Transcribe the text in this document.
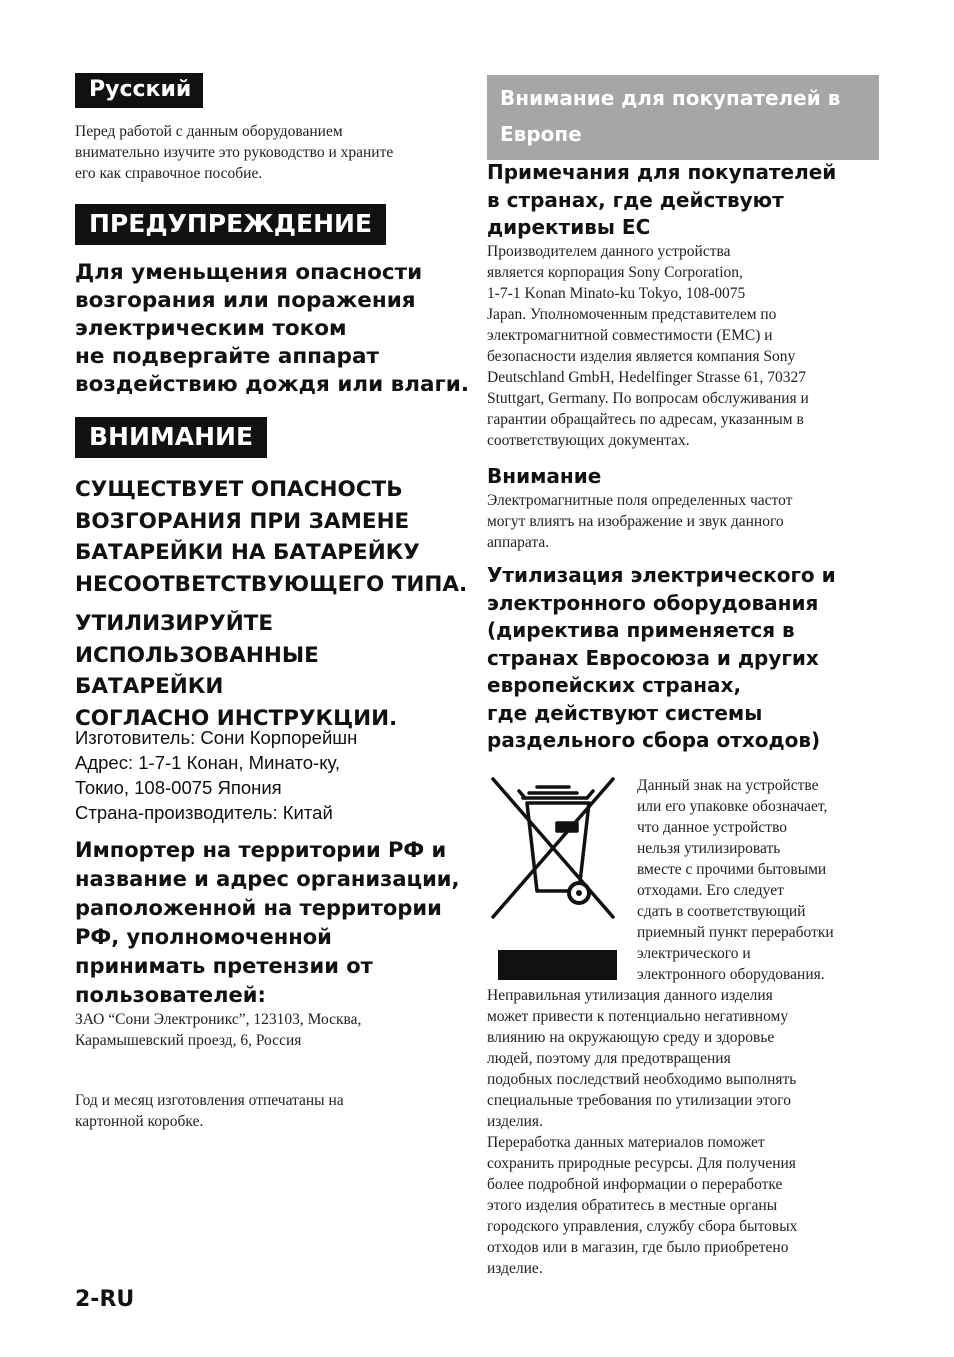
Русский

Перед работой с данным оборудованием
внимательно изучите это руководство и храните
его как справочное пособие.

ПРЕДУПРЕЖДЕНИЕ

Для уменьщения опасности
возгорания или поражения
электрическим током
не подвергайте аппарат
воздействию дождя или влаги.

ВНИМАНИЕ

СУЩЕСТВУЕТ ОПАСНОСТЬ
ВОЗГОРАНИЯ ПРИ ЗАМЕНЕ
БАТАРЕЙКИ НА БАТАРЕЙКУ
НЕСООТВЕТСТВУЮЩЕГО ТИПА.

УТИЛИЗИРУЙТЕ
ИСПОЛЬЗОВАННЫЕ БАТАРЕЙКИ
СОГЛАСНО ИНСТРУКЦИИ.

Изготовитель: Сони Корпорейшн
Адрес: 1-7-1 Конан, Минато-ку,
Токио, 108-0075 Япония
Страна-производитель: Китай

Импортер на территории РФ и
название и адрес организации,
раположенной на территории
РФ, уполномоченной
принимать претензии от
пользователей:

ЗАО “Сони Электроникс”, 123103, Москва,
Карамышевский проезд, 6, Россия

Год и месяц изготовления отпечатаны на
картонной коробке.

2-RU
Внимание для покупателей в
Европе

Примечания для покупателей
в странах, где действуют
директивы ЕС

Производителем данного устройства
является корпорация Sony Corporation,
1-7-1 Konan Minato-ku Tokyo, 108-0075
Japan. Уполномоченным представителем по
электромагнитной совместимости (EMC) и
безопасности изделия является компания Sony
Deutschland GmbH, Hedelfinger Strasse 61, 70327
Stuttgart, Germany. По вопросам обслуживания и
гарантии обращайтесь по адресам, указанным в
соответствующих документах.

Внимание

Электромагнитные поля определенных частот
могут влиятъ на изображение и звук данного
аппарата.

Утилизация электрического и
электронного оборудования
(директива применяется в
странах Евросоюза и других
европейских странах,
где действуют системы
раздельного сбора отходов)

Данный знак на устройстве
или его упаковке обозначает,
что данное устройство
нельзя утилизировать
вместе с прочими бытовыми
отходами. Его следует
сдать в соответствующий
приемный пункт переработки
электрического и
электронного оборудования.

Неправильная утилизация данного изделия
может привести к потенциально негативному
влиянию на окружающую среду и здоровье
людей, поэтому для предотвращения
подобных последствий необходимо выполнять
специальные требования по утилизации этого
изделия.

Переработка данных материалов поможет
сохранить природные ресурсы. Для получения
более подробной информации о переработке
этого изделия обратитесь в местные органы
городского управления, службу сбора бытовых
отходов или в магазин, где было приобретено
изделие.
